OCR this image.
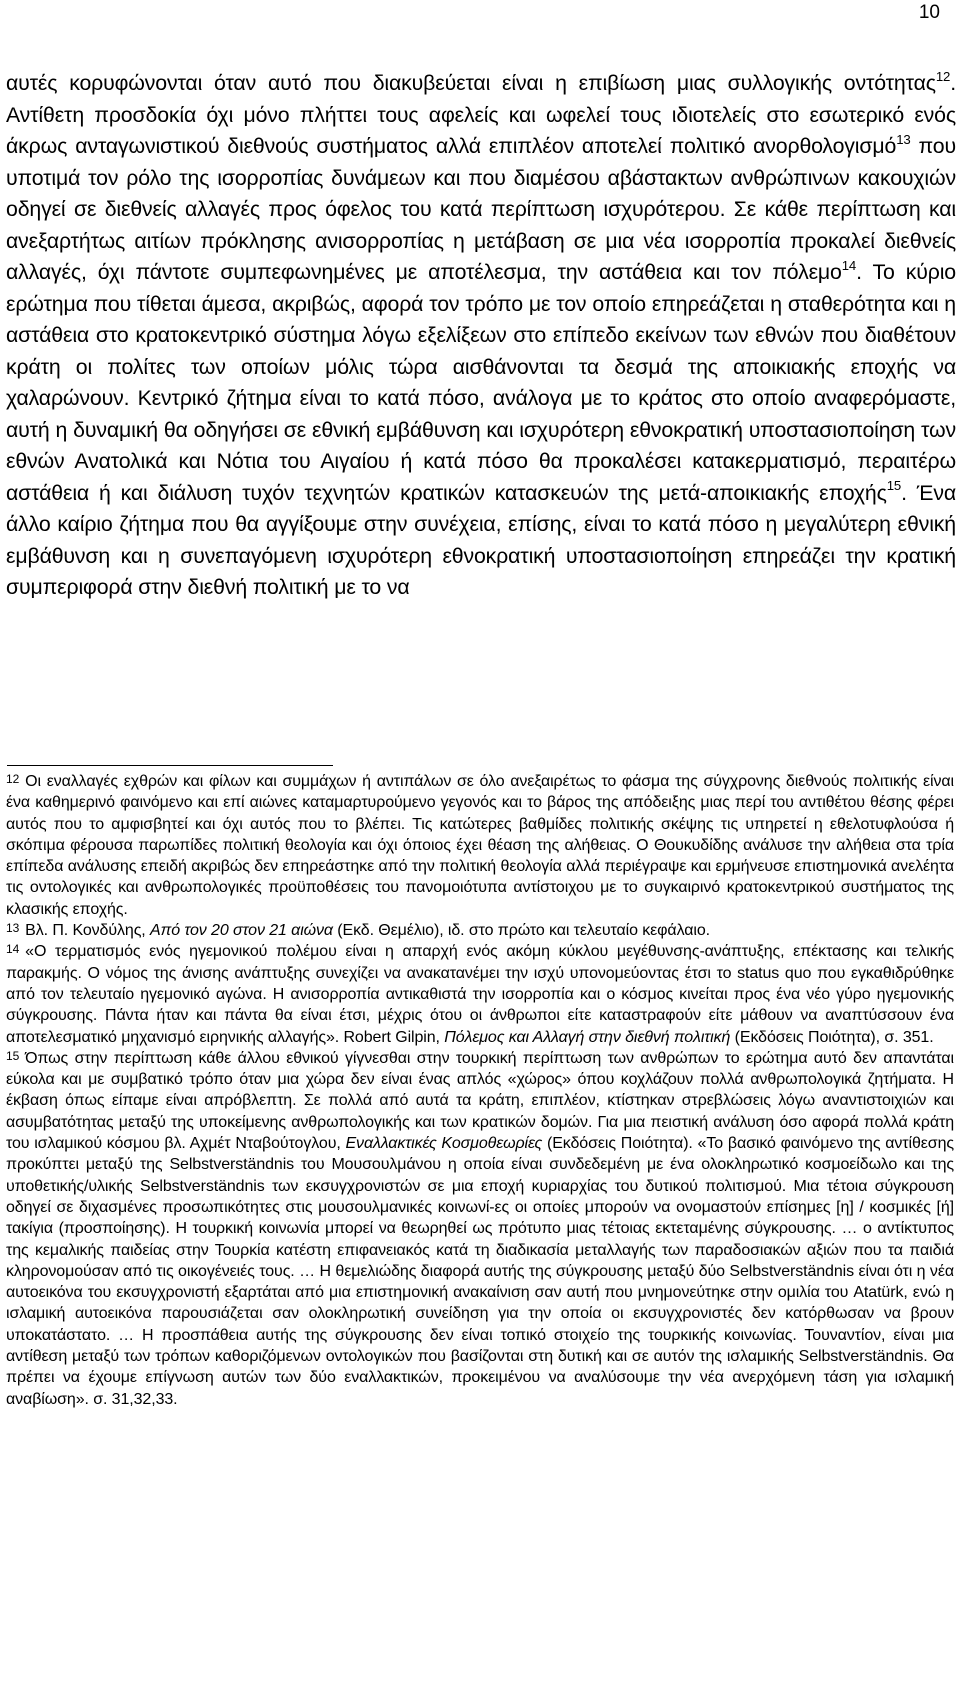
10

αυτές κορυφώνονται όταν αυτό που διακυβεύεται είναι η επιβίωση μιας συλλογικής οντότητας$^{12}$. Αντίθετη προσδοκία όχι μόνο πλήττει τους αφελείς και ωφελεί τους ιδιοτελείς στο εσωτερικό ενός άκρως ανταγωνιστικού διεθνούς συστήματος αλλά επιπλέον αποτελεί πολιτικό ανορθολογισμό$^{13}$ που υποτιμά τον ρόλο της ισορροπίας δυνάμεων και που διαμέσου αβάστακτων ανθρώπινων κακουχιών οδηγεί σε διεθνείς αλλαγές προς όφελος του κατά περίπτωση ισχυρότερου. Σε κάθε περίπτωση και ανεξαρτήτως αιτίων πρόκλησης ανισορροπίας η μετάβαση σε μια νέα ισορροπία προκαλεί διεθνείς αλλαγές, όχι πάντοτε συμπεφωνημένες με αποτέλεσμα, την αστάθεια και τον πόλεμο$^{14}$. Το κύριο ερώτημα που τίθεται άμεσα, ακριβώς, αφορά τον τρόπο με τον οποίο επηρεάζεται η σταθερότητα και η αστάθεια στο κρατοκεντρικό σύστημα λόγω εξελίξεων στο επίπεδο εκείνων των εθνών που διαθέτουν κράτη οι πολίτες των οποίων μόλις τώρα αισθάνονται τα δεσμά της αποικιακής εποχής να χαλαρώνουν. Κεντρικό ζήτημα είναι το κατά πόσο, ανάλογα με το κράτος στο οποίο αναφερόμαστε, αυτή η δυναμική θα οδηγήσει σε εθνική εμβάθυνση και ισχυρότερη εθνοκρατική υποστασιοποίηση των εθνών Ανατολικά και Νότια του Αιγαίου ή κατά πόσο θα προκαλέσει κατακερματισμό, περαιτέρω αστάθεια ή και διάλυση τυχόν τεχνητών κρατικών κατασκευών της μετά-αποικιακής εποχής$^{15}$. Ένα άλλο καίριο ζήτημα που θα αγγίξουμε στην συνέχεια, επίσης, είναι το κατά πόσο η μεγαλύτερη εθνική εμβάθυνση και η συνεπαγόμενη ισχυρότερη εθνοκρατική υποστασιοποίηση επηρεάζει την κρατική συμπεριφορά στην διεθνή πολιτική με το να

$^{12}$ Οι εναλλαγές εχθρών και φίλων και συμμάχων ή αντιπάλων σε όλο ανεξαιρέτως το φάσμα της σύγχρονης διεθνούς πολιτικής είναι ένα καθημερινό φαινόμενο και επί αιώνες καταμαρτυρούμενο γεγονός και το βάρος της απόδειξης μιας περί του αντιθέτου θέσης φέρει αυτός που το αμφισβητεί και όχι αυτός που το βλέπει. Τις κατώτερες βαθμίδες πολιτικής σκέψης τις υπηρετεί η εθελοτυφλούσα ή σκόπιμα φέρουσα παρωπίδες πολιτική θεολογία και όχι όποιος έχει θέαση της αλήθειας. Ο Θουκυδίδης ανάλυσε την αλήθεια στα τρία επίπεδα ανάλυσης επειδή ακριβώς δεν επηρεάστηκε από την πολιτική θεολογία αλλά περιέγραψε και ερμήνευσε επιστημονικά ανελέητα τις οντολογικές και ανθρωπολογικές προϋποθέσεις του πανομοιότυπα αντίστοιχου με το συγκαιρινό κρατοκεντρικού συστήματος της κλασικής εποχής.

$^{13}$ Βλ. Π. Κονδύλης, Από τον 20 στον 21 αιώνα (Εκδ. Θεμέλιο), ιδ. στο πρώτο και τελευταίο κεφάλαιο.

$^{14}$ «Ο τερματισμός ενός ηγεμονικού πολέμου είναι η απαρχή ενός ακόμη κύκλου μεγέθυνσης-ανάπτυξης, επέκτασης και τελικής παρακμής. Ο νόμος της άνισης ανάπτυξης συνεχίζει να ανακατανέμει την ισχύ υπονομεύοντας έτσι το status quo που εγκαθιδρύθηκε από τον τελευταίο ηγεμονικό αγώνα. Η ανισορροπία αντικαθιστά την ισορροπία και ο κόσμος κινείται προς ένα νέο γύρο ηγεμονικής σύγκρουσης. Πάντα ήταν και πάντα θα είναι έτσι, μέχρις ότου οι άνθρωποι είτε καταστραφούν είτε μάθουν να αναπτύσσουν ένα αποτελεσματικό μηχανισμό ειρηνικής αλλαγής». Robert Gilpin, Πόλεμος και Αλλαγή στην διεθνή πολιτική (Εκδόσεις Ποιότητα), σ. 351.

$^{15}$ Όπως στην περίπτωση κάθε άλλου εθνικού γίγνεσθαι στην τουρκική περίπτωση των ανθρώπων το ερώτημα αυτό δεν απαντάται εύκολα και με συμβατικό τρόπο όταν μια χώρα δεν είναι ένας απλός «χώρος» όπου κοχλάζουν πολλά ανθρωπολογικά ζητήματα. Η έκβαση όπως είπαμε είναι απρόβλεπτη. Σε πολλά από αυτά τα κράτη, επιπλέον, κτίστηκαν στρεβλώσεις λόγω αναντιστοιχιών και ασυμβατότητας μεταξύ της υποκείμενης ανθρωπολογικής και των κρατικών δομών. Για μια πειστική ανάλυση όσο αφορά πολλά κράτη του ισλαμικού κόσμου βλ. Αχμέτ Νταβούτογλου, Εναλλακτικές Κοσμοθεωρίες (Εκδόσεις Ποιότητα). «Το βασικό φαινόμενο της αντίθεσης προκύπτει μεταξύ της Selbstverständnis του Μουσουλμάνου η οποία είναι συνδεδεμένη με ένα ολοκληρωτικό κοσμοείδωλο και της υποθετικής/υλικής Selbstverständnis των εκσυγχρονιστών σε μια εποχή κυριαρχίας του δυτικού πολιτισμού. Μια τέτοια σύγκρουση οδηγεί σε διχασμένες προσωπικότητες στις μουσουλμανικές κοινωνί-ες οι οποίες μπορούν να ονομαστούν επίσημες [η] / κοσμικές [ή] τακίγια (προσποίησης). Η τουρκική κοινωνία μπορεί να θεωρηθεί ως πρότυπο μιας τέτοιας εκτεταμένης σύγκρουσης. … ο αντίκτυπος της κεμαλικής παιδείας στην Τουρκία κατέστη επιφανειακός κατά τη διαδικασία μεταλλαγής των παραδοσιακών αξιών που τα παιδιά κληρονομούσαν από τις οικογένειές τους. … Η θεμελιώδης διαφορά αυτής της σύγκρουσης μεταξύ δύο Selbstverständnis είναι ότι η νέα αυτοεικόνα του εκσυγχρονιστή εξαρτάται από μια επιστημονική ανακαίνιση σαν αυτή που μνημονεύτηκε στην ομιλία του Atatürk, ενώ η ισλαμική αυτοεικόνα παρουσιάζεται σαν ολοκληρωτική συνείδηση για την οποία οι εκσυγχρονιστές δεν κατόρθωσαν να βρουν υποκατάστατο. … Η προσπάθεια αυτής της σύγκρουσης δεν είναι τοπικό στοιχείο της τουρκικής κοινωνίας. Τουναντίον, είναι μια αντίθεση μεταξύ των τρόπων καθοριζόμενων οντολογικών που βασίζονται στη δυτική και σε αυτόν της ισλαμικής Selbstverständnis. Θα πρέπει να έχουμε επίγνωση αυτών των δύο εναλλακτικών, προκειμένου να αναλύσουμε την νέα ανερχόμενη τάση για ισλαμική αναβίωση». σ. 31,32,33.
